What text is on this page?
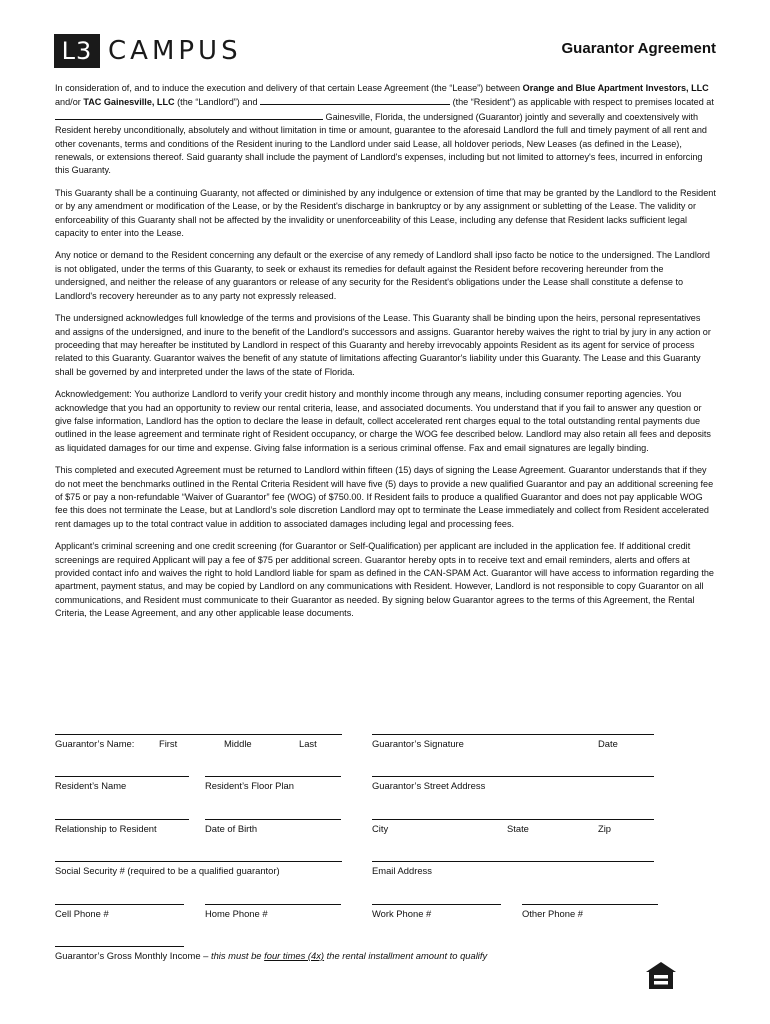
L3 CAMPUS	Guarantor Agreement

In consideration of, and to induce the execution and delivery of that certain Lease Agreement (the “Lease”) between Orange and Blue Apartment Investors, LLC and/or TAC Gainesville, LLC (the “Landlord”) and	(the “Resident”) as applicable with respect to premises located at  Gainesville, Florida, the undersigned (Guarantor) jointly and severally and coextensively with Resident hereby unconditionally, absolutely and without limitation in time or amount, guarantee to the aforesaid Landlord the full and timely payment of all rent and other covenants, terms and conditions of the Resident inuring to the Landlord under said Lease, all holdover periods, New Leases (as defined in the Lease), renewals, or extensions thereof. Said guaranty shall include the payment of Landlord's expenses, including but not limited to attorney's fees, incurred in enforcing this Guaranty.

This Guaranty shall be a continuing Guaranty, not affected or diminished by any indulgence or extension of time that may be granted by the Landlord to the Resident or by any amendment or modification of the Lease, or by the Resident's discharge in bankruptcy or by any assignment or subletting of the Lease. The validity or enforceability of this Guaranty shall not be affected by the invalidity or unenforceability of this Lease, including any defense that Resident lacks sufficient legal capacity to enter into the Lease.

Any notice or demand to the Resident concerning any default or the exercise of any remedy of Landlord shall ipso facto be notice to the undersigned. The Landlord is not obligated, under the terms of this Guaranty, to seek or exhaust its remedies for default against the Resident before recovering hereunder from the undersigned, and neither the release of any guarantors or release of any security for the Resident's obligations under the Lease shall constitute a defense to Landlord's recovery hereunder as to any party not expressly released.

The undersigned acknowledges full knowledge of the terms and provisions of the Lease. This Guaranty shall be binding upon the heirs, personal representatives and assigns of the undersigned, and inure to the benefit of the Landlord's successors and assigns. Guarantor hereby waives the right to trial by jury in any action or proceeding that may hereafter be instituted by Landlord in respect of this Guaranty and hereby irrevocably appoints Resident as its agent for service of process related to this Guaranty. Guarantor waives the benefit of any statute of limitations affecting Guarantor's liability under this Guaranty. The Lease and this Guaranty shall be governed by and interpreted under the laws of the state of Florida.

Acknowledgement: You authorize Landlord to verify your credit history and monthly income through any means, including consumer reporting agencies. You acknowledge that you had an opportunity to review our rental criteria, lease, and associated documents. You understand that if you fail to answer any question or give false information, Landlord has the option to declare the lease in default, collect accelerated rent charges equal to the total outstanding rental payments due outlined in the lease agreement and terminate right of Resident occupancy, or charge the WOG fee described below. Landlord may also retain all fees and deposits as liquidated damages for our time and expense. Giving false information is a serious criminal offense. Fax and email signatures are legally binding.

This completed and executed Agreement must be returned to Landlord within fifteen (15) days of signing the Lease Agreement. Guarantor understands that if they do not meet the benchmarks outlined in the Rental Criteria Resident will have five (5) days to provide a new qualified Guarantor and pay an additional screening fee of $75 or pay a non-refundable “Waiver of Guarantor” fee (WOG) of $750.00. If Resident fails to produce a qualified Guarantor and does not pay applicable WOG fee this does not terminate the Lease, but at Landlord’s sole discretion Landlord may opt to terminate the Lease immediately and collect from Resident accelerated rent damages up to the total contract value in addition to associated damages including legal and processing fees.

Applicant’s criminal screening and one credit screening (for Guarantor or Self-Qualification) per applicant are included in the application fee. If additional credit screenings are required Applicant will pay a fee of $75 per additional screen. Guarantor hereby opts in to receive text and email reminders, alerts and offers at provided contact info and waives the right to hold Landlord liable for spam as defined in the CAN-SPAM Act. Guarantor will have access to information regarding the apartment, payment status, and may be copied by Landlord on any communications with Resident. However, Landlord is not responsible to copy Guarantor on all communications, and Resident must communicate to their Guarantor as needed. By signing below Guarantor agrees to the terms of this Agreement, the Rental Criteria, the Lease Agreement, and any other applicable lease documents.

Guarantor’s Name:	First	Middle	Last	Guarantor’s Signature	Date
Resident’s Name	Resident’s Floor Plan	Guarantor’s Street Address
Relationship to Resident	Date of Birth	City	State	Zip
Social Security # (required to be a qualified guarantor)	Email Address
Cell Phone #	Home Phone #	Work Phone #	Other Phone #
Guarantor’s Gross Monthly Income – this must be four times (4x) the rental installment amount to qualify
